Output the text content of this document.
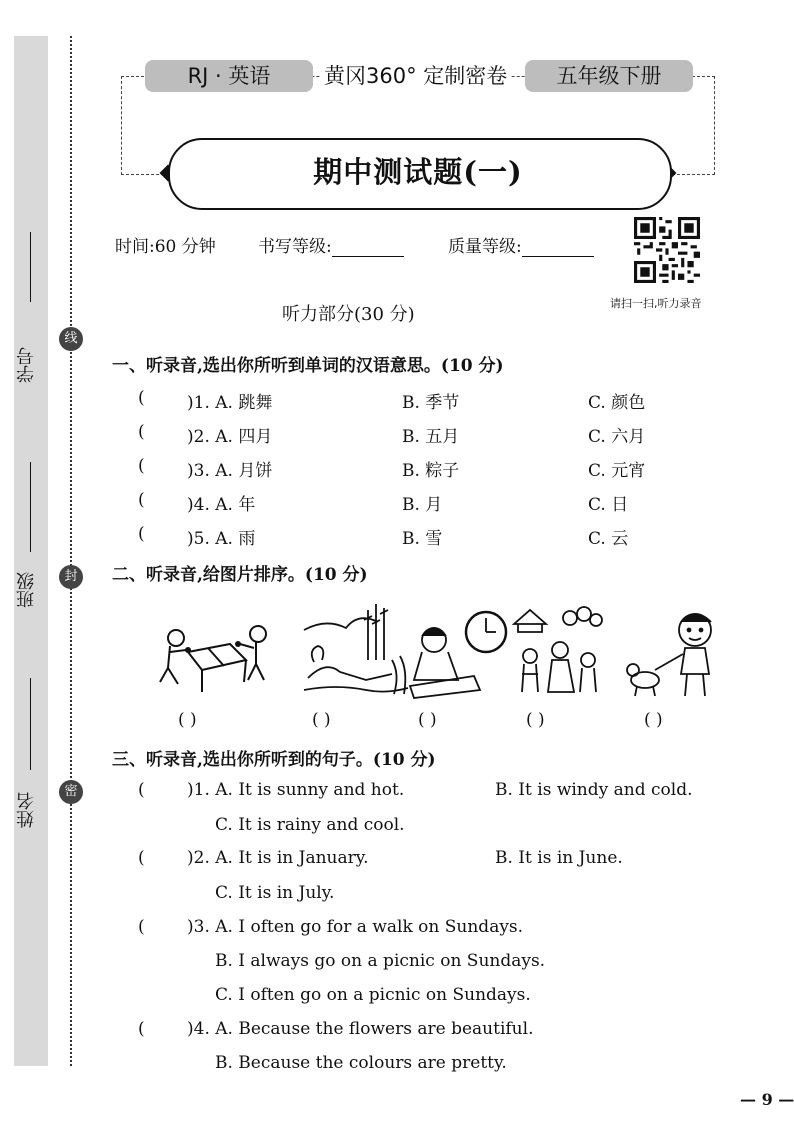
学号
班级
姓名
线
封
密
RJ · 英语	黄冈360° 定制密卷	五年级下册
期中测试题(一)
时间:60 分钟 书写等级:	质量等级:
请扫一扫,听力录音
听力部分(30 分)
一、听录音,选出你所听到单词的汉语意思。(10 分)
( )1. A. 跳舞	B. 季节	C. 颜色
( )2. A. 四月	B. 五月	C. 六月
( )3. A. 月饼	B. 粽子	C. 元宵
( )4. A. 年	B. 月	C. 日
( )5. A. 雨	B. 雪	C. 云
二、听录音,给图片排序。(10 分)
( )	( )	( )	( )	( )
三、听录音,选出你所听到的句子。(10 分)
( )1. A. It is sunny and hot.	B. It is windy and cold.
C. It is rainy and cool.
( )2. A. It is in January.	B. It is in June.
C. It is in July.
( )3. A. I often go for a walk on Sundays.
B. I always go on a picnic on Sundays.
C. I often go on a picnic on Sundays.
( )4. A. Because the flowers are beautiful.
B. Because the colours are pretty.
— 9 —
